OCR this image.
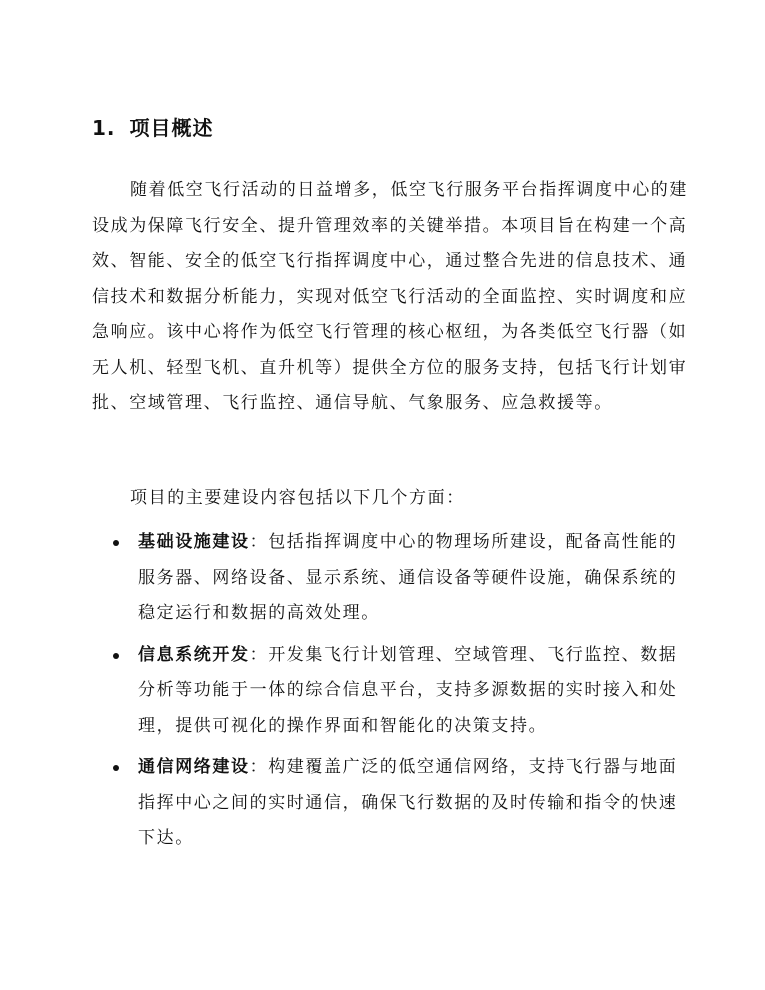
1. 项目概述
随着低空飞行活动的日益增多，低空飞行服务平台指挥调度中心的建设成为保障飞行安全、提升管理效率的关键举措。本项目旨在构建一个高效、智能、安全的低空飞行指挥调度中心，通过整合先进的信息技术、通信技术和数据分析能力，实现对低空飞行活动的全面监控、实时调度和应急响应。该中心将作为低空飞行管理的核心枢纽，为各类低空飞行器（如无人机、轻型飞机、直升机等）提供全方位的服务支持，包括飞行计划审批、空域管理、飞行监控、通信导航、气象服务、应急救援等。
项目的主要建设内容包括以下几个方面：
基础设施建设：包括指挥调度中心的物理场所建设，配备高性能的服务器、网络设备、显示系统、通信设备等硬件设施，确保系统的稳定运行和数据的高效处理。
信息系统开发：开发集飞行计划管理、空域管理、飞行监控、数据分析等功能于一体的综合信息平台，支持多源数据的实时接入和处理，提供可视化的操作界面和智能化的决策支持。
通信网络建设：构建覆盖广泛的低空通信网络，支持飞行器与地面指挥中心之间的实时通信，确保飞行数据的及时传输和指令的快速下达。
